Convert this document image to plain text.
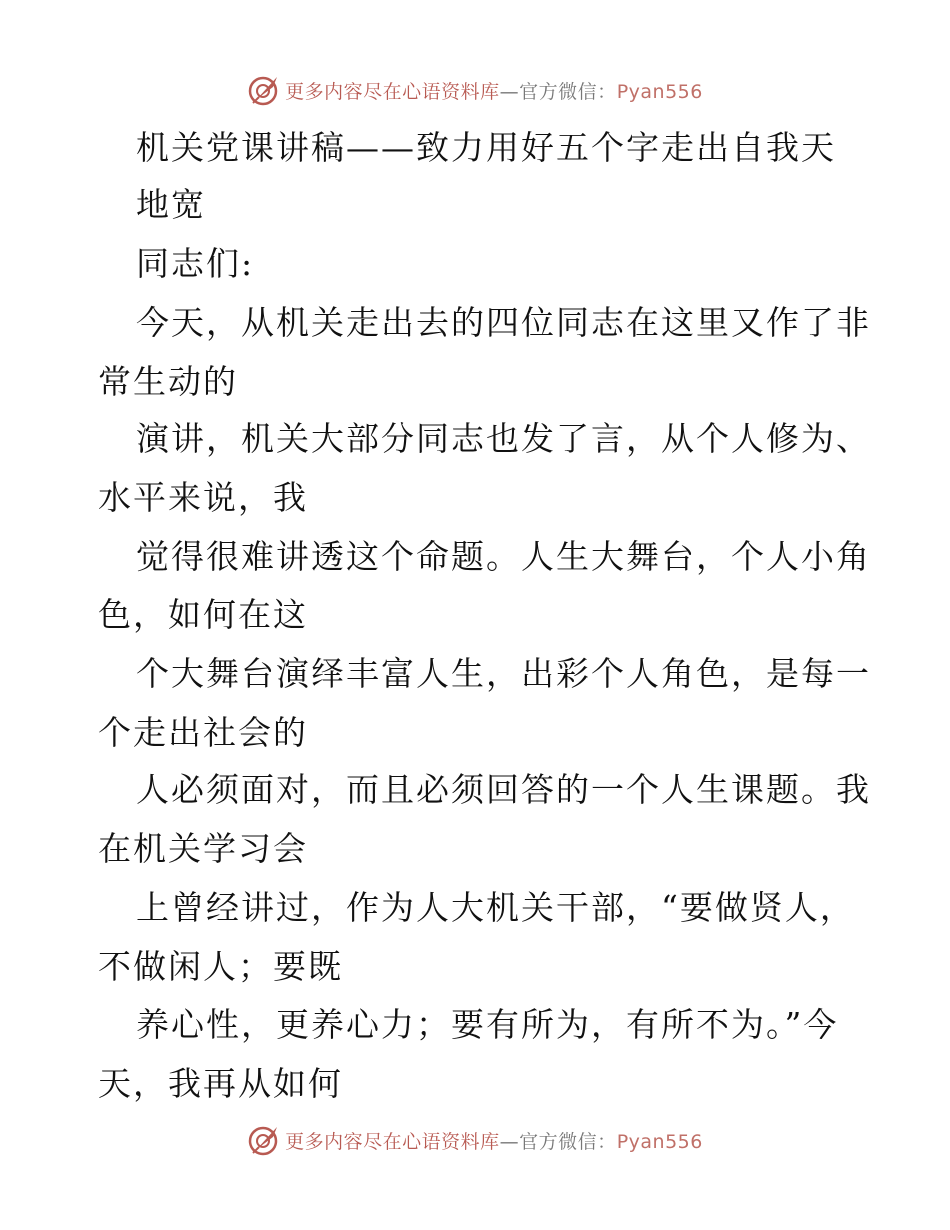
更多内容尽在心语资料库—官方微信：Pyan556
机关党课讲稿——致力用好五个字走出自我天
地宽
同志们:
今天，从机关走出去的四位同志在这里又作了非
常生动的
演讲，机关大部分同志也发了言，从个人修为、
水平来说，我
觉得很难讲透这个命题。人生大舞台，个人小角
色，如何在这
个大舞台演绎丰富人生，出彩个人角色，是每一
个走出社会的
人必须面对，而且必须回答的一个人生课题。我
在机关学习会
上曾经讲过，作为人大机关干部，“要做贤人，
不做闲人；要既
养心性，更养心力；要有所为，有所不为。”今
天，我再从如何
更多内容尽在心语资料库—官方微信：Pyan556
